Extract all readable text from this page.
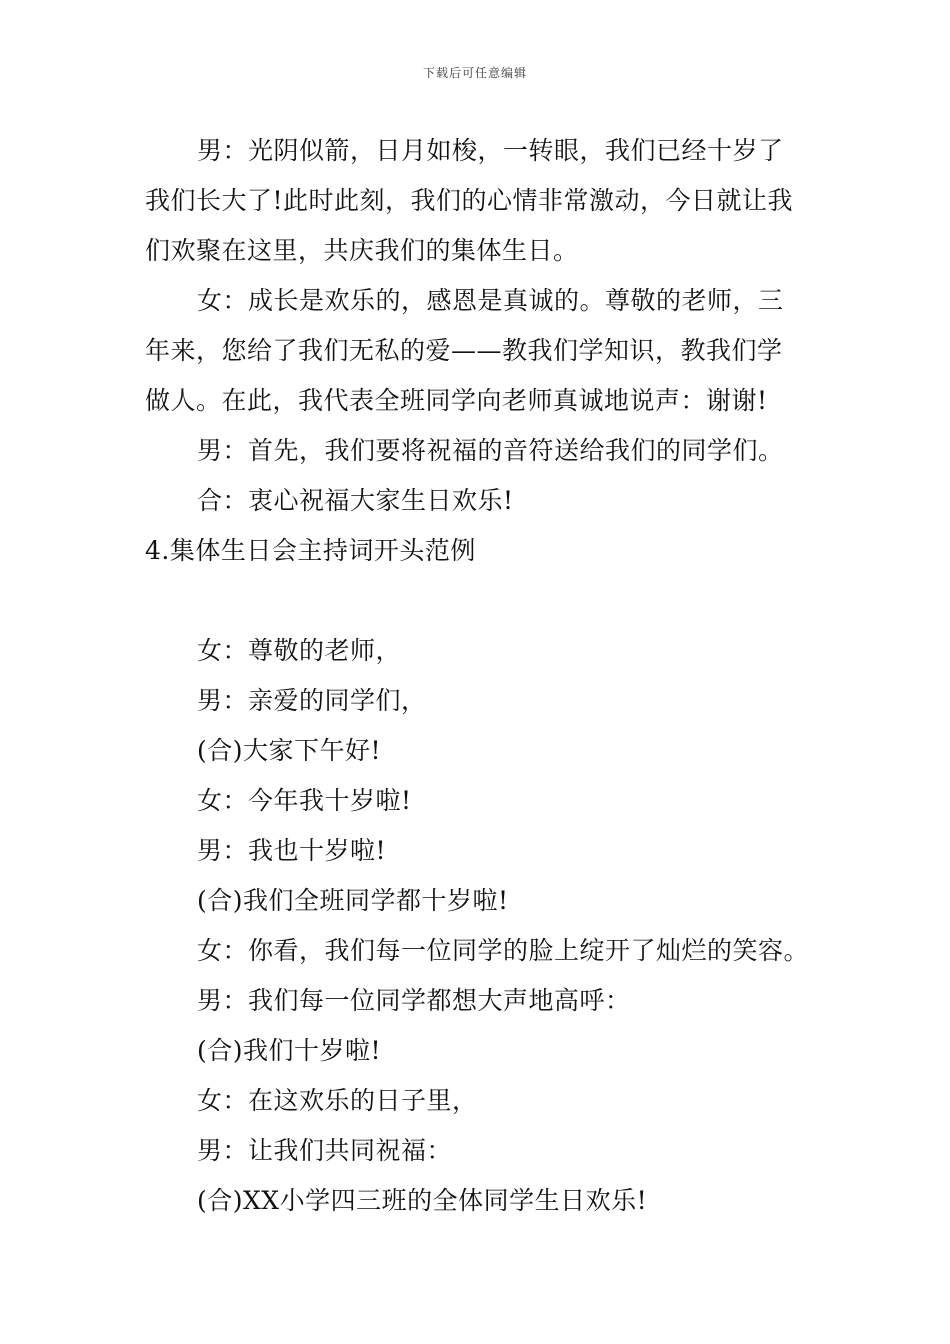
下载后可任意编辑
男：光阴似箭，日月如梭，一转眼，我们已经十岁了
我们长大了!此时此刻，我们的心情非常激动，今日就让我
们欢聚在这里，共庆我们的集体生日。
女：成长是欢乐的，感恩是真诚的。尊敬的老师，三
年来，您给了我们无私的爱——教我们学知识，教我们学
做人。在此，我代表全班同学向老师真诚地说声：谢谢!
男：首先，我们要将祝福的音符送给我们的同学们。
合：衷心祝福大家生日欢乐!
4.集体生日会主持词开头范例
女：尊敬的老师，
男：亲爱的同学们，
(合)大家下午好!
女：今年我十岁啦!
男：我也十岁啦!
(合)我们全班同学都十岁啦!
女：你看，我们每一位同学的脸上绽开了灿烂的笑容。
男：我们每一位同学都想大声地高呼：
(合)我们十岁啦!
女：在这欢乐的日子里，
男：让我们共同祝福：
(合)XX小学四三班的全体同学生日欢乐!
